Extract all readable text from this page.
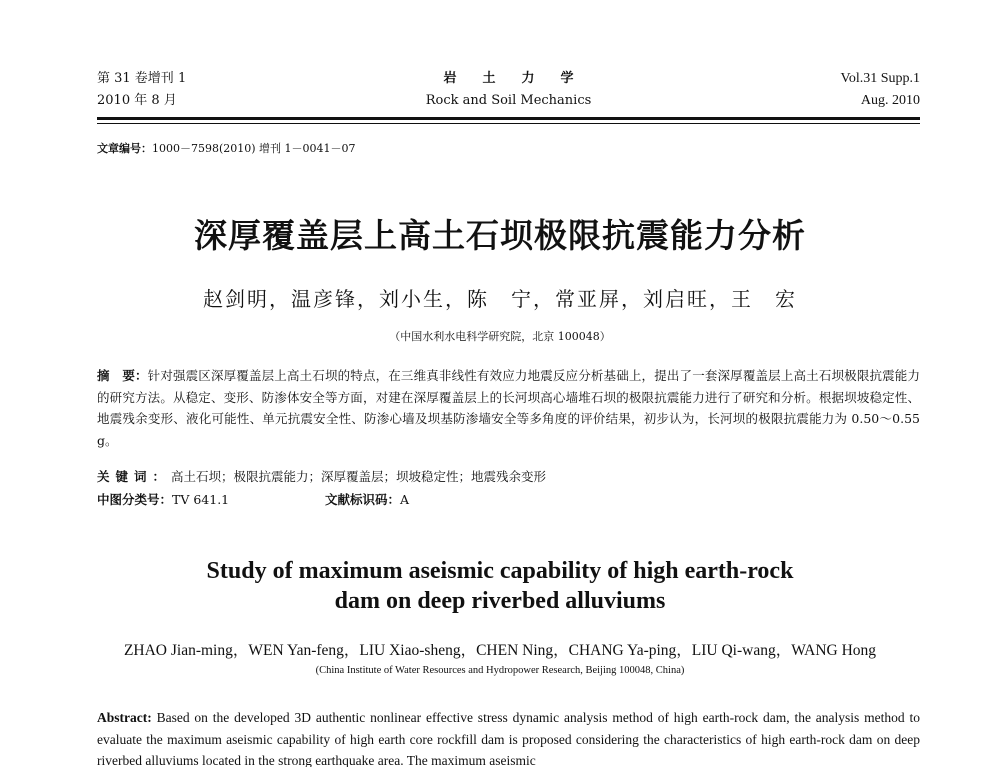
第 31 卷增刊 1
2010 年 8 月
岩土力学
Rock and Soil Mechanics
Vol.31 Supp.1
Aug. 2010
文章编号：1000－7598(2010) 增刊 1－0041－07
深厚覆盖层上高土石坝极限抗震能力分析
赵剑明，温彦锋，刘小生，陈　宁，常亚屏，刘启旺，王　宏
（中国水利水电科学研究院，北京 100048）
摘　要：针对强震区深厚覆盖层上高土石坝的特点，在三维真非线性有效应力地震反应分析基础上，提出了一套深厚覆盖层上高土石坝极限抗震能力的研究方法。从稳定、变形、防渗体安全等方面，对建在深厚覆盖层上的长河坝高心墙堆石坝的极限抗震能力进行了研究和分析。根据坝坡稳定性、地震残余变形、液化可能性、单元抗震安全性、防渗心墙及坝基防渗墙安全等多角度的评价结果，初步认为，长河坝的极限抗震能力为 0.50～0.55 g。
关键词：高土石坝；极限抗震能力；深厚覆盖层；坝坡稳定性；地震残余变形
中图分类号：TV 641.1	文献标识码：A
Study of maximum aseismic capability of high earth-rock
dam on deep riverbed alluviums
ZHAO Jian-ming，WEN Yan-feng，LIU Xiao-sheng，CHEN Ning，CHANG Ya-ping，LIU Qi-wang，WANG Hong
(China Institute of Water Resources and Hydropower Research, Beijing 100048, China)
Abstract: Based on the developed 3D authentic nonlinear effective stress dynamic analysis method of high earth-rock dam, the analysis method to evaluate the maximum aseismic capability of high earth core rockfill dam is proposed considering the characteristics of high earth-rock dam on deep riverbed alluviums located in the strong earthquake area. The maximum aseismic
